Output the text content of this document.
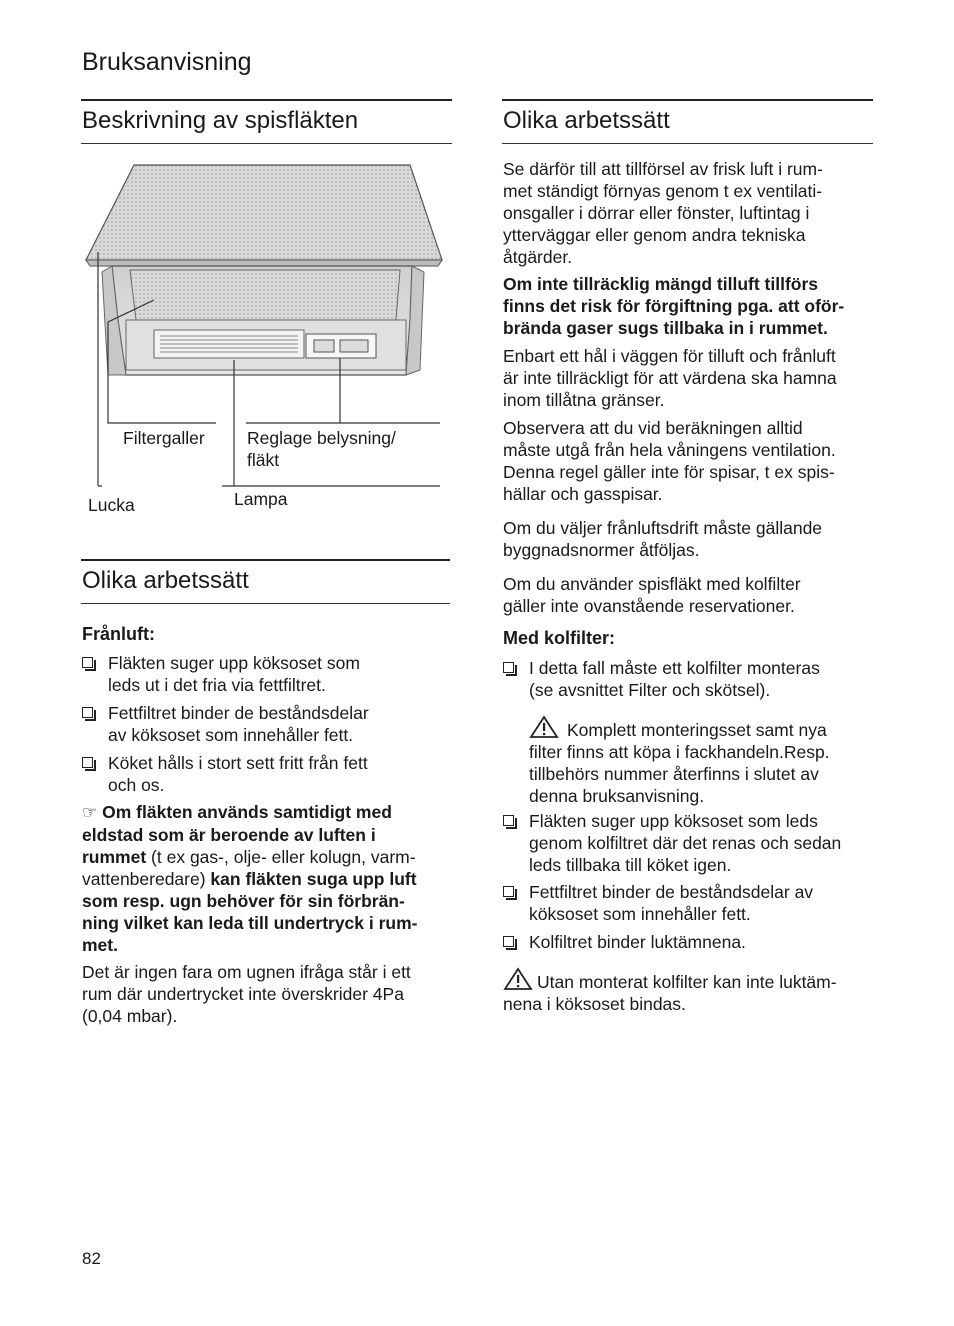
Bruksanvisning
Beskrivning av spisfläkten
Filtergaller Reglage belysning/
fläkt
Lucka	Lampa
Olika arbetssätt
Frånluft:
Fläkten suger upp köksoset som
leds ut i det fria via fettfiltret.
Fettfiltret binder de beståndsdelar
av köksoset som innehåller fett.
Köket hålls i stort sett fritt från fett
och os.
☞ Om fläkten används samtidigt med
eldstad som är beroende av luften i
rummet (t ex gas-, olje- eller kolugn, varm-
vattenberedare) kan fläkten suga upp luft
som resp. ugn behöver för sin förbrän-
ning vilket kan leda till undertryck i rum-
met.
Det är ingen fara om ugnen ifråga står i ett
rum där undertrycket inte överskrider 4Pa
(0,04 mbar).
Olika arbetssätt
Se därför till att tillförsel av frisk luft i rum-
met ständigt förnyas genom t ex ventilati-
onsgaller i dörrar eller fönster, luftintag i
ytterväggar eller genom andra tekniska
åtgärder.
Om inte tillräcklig mängd tilluft tillförs
finns det risk för förgiftning pga. att oför-
brända gaser sugs tillbaka in i rummet.
Enbart ett hål i väggen för tilluft och frånluft
är inte tillräckligt för att värdena ska hamna
inom tillåtna gränser.
Observera att du vid beräkningen alltid
måste utgå från hela våningens ventilation.
Denna regel gäller inte för spisar, t ex spis-
hällar och gasspisar.
Om du väljer frånluftsdrift måste gällande
byggnadsnormer åtföljas.
Om du använder spisfläkt med kolfilter
gäller inte ovanstående reservationer.
Med kolfilter:
I detta fall måste ett kolfilter monteras
(se avsnittet Filter och skötsel).
Komplett monteringsset samt nya
filter finns att köpa i fackhandeln.Resp.
tillbehörs nummer återfinns i slutet av
denna bruksanvisning.
Fläkten suger upp köksoset som leds
genom kolfiltret där det renas och sedan
leds tillbaka till köket igen.
Fettfiltret binder de beståndsdelar av
köksoset som innehåller fett.
Kolfiltret binder luktämnena.
Utan monterat kolfilter kan inte luktäm-
nena i köksoset bindas.
82
